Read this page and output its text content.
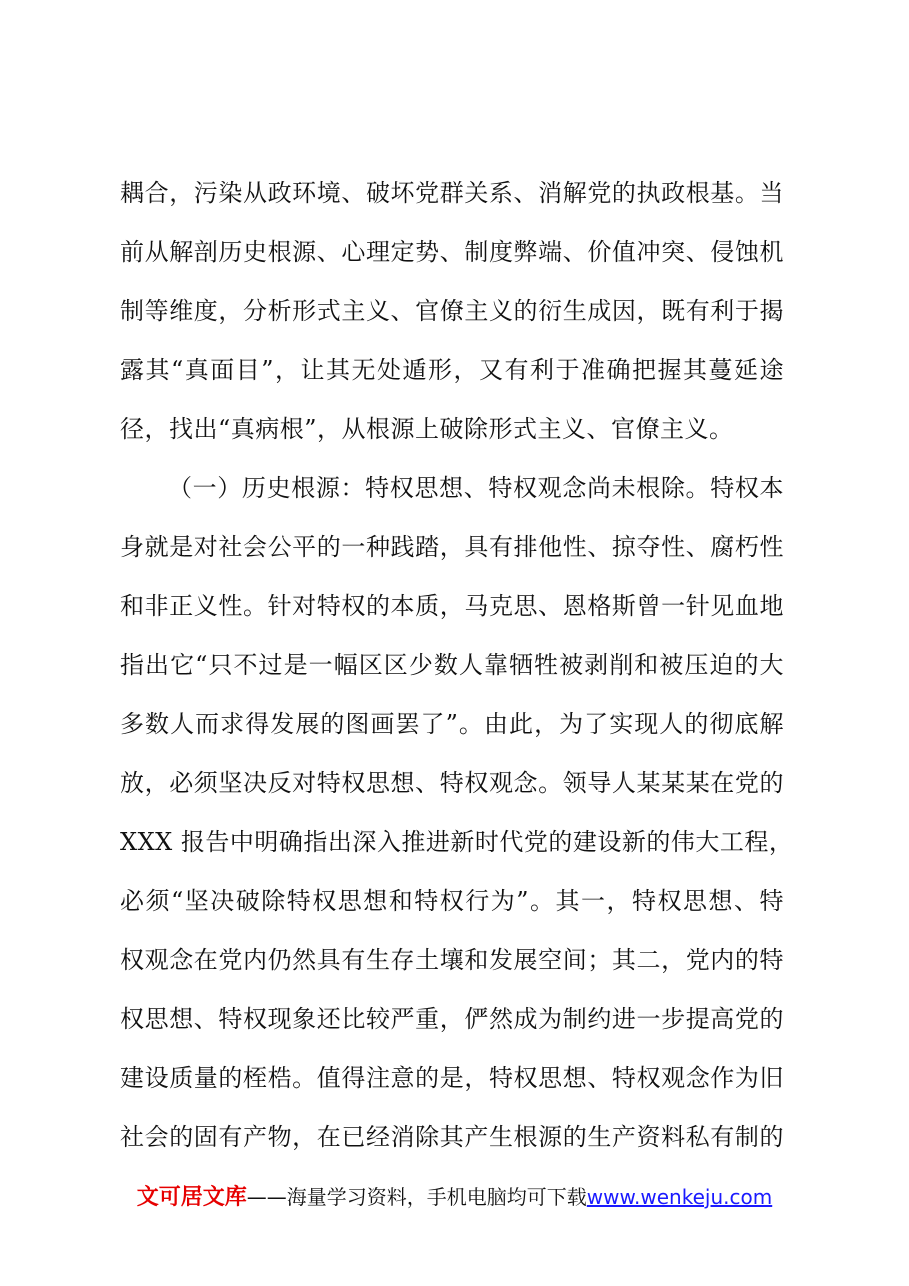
耦合，污染从政环境、破坏党群关系、消解党的执政根基。当
前从解剖历史根源、心理定势、制度弊端、价值冲突、侵蚀机
制等维度，分析形式主义、官僚主义的衍生成因，既有利于揭
露其“真面目”，让其无处遁形，又有利于准确把握其蔓延途
径，找出“真病根”，从根源上破除形式主义、官僚主义。
（一）历史根源：特权思想、特权观念尚未根除。特权本
身就是对社会公平的一种践踏，具有排他性、掠夺性、腐朽性
和非正义性。针对特权的本质，马克思、恩格斯曾一针见血地
指出它“只不过是一幅区区少数人靠牺牲被剥削和被压迫的大
多数人而求得发展的图画罢了”。由此，为了实现人的彻底解
放，必须坚决反对特权思想、特权观念。领导人某某某在党的
XXX 报告中明确指出深入推进新时代党的建设新的伟大工程，
必须“坚决破除特权思想和特权行为”。其一，特权思想、特
权观念在党内仍然具有生存土壤和发展空间；其二，党内的特
权思想、特权现象还比较严重，俨然成为制约进一步提高党的
建设质量的桎梏。值得注意的是，特权思想、特权观念作为旧
社会的固有产物，在已经消除其产生根源的生产资料私有制的
文可居文库——海量学习资料，手机电脑均可下载www.wenkeju.com
